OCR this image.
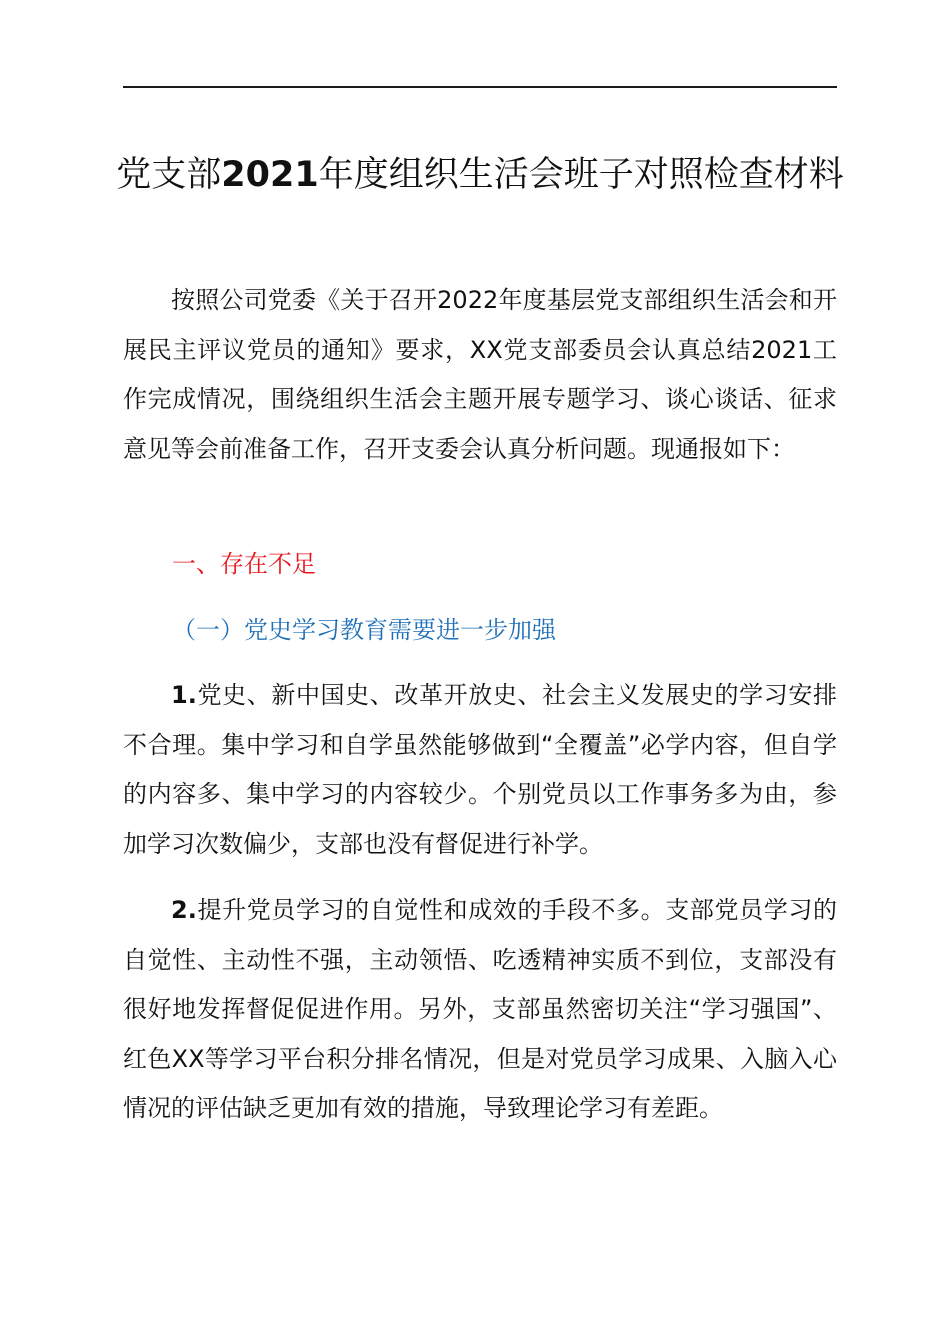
党支部2021年度组织生活会班子对照检查材料

按照公司党委《关于召开2022年度基层党支部组织生活会和开展民主评议党员的通知》要求，XX党支部委员会认真总结2021工作完成情况，围绕组织生活会主题开展专题学习、谈心谈话、征求意见等会前准备工作，召开支委会认真分析问题。现通报如下：

一、存在不足

（一）党史学习教育需要进一步加强

1.党史、新中国史、改革开放史、社会主义发展史的学习安排不合理。集中学习和自学虽然能够做到“全覆盖”必学内容，但自学的内容多、集中学习的内容较少。个别党员以工作事务多为由，参加学习次数偏少，支部也没有督促进行补学。

2.提升党员学习的自觉性和成效的手段不多。支部党员学习的自觉性、主动性不强，主动领悟、吃透精神实质不到位，支部没有很好地发挥督促促进作用。另外，支部虽然密切关注“学习强国”、红色XX等学习平台积分排名情况，但是对党员学习成果、入脑入心情况的评估缺乏更加有效的措施，导致理论学习有差距。
